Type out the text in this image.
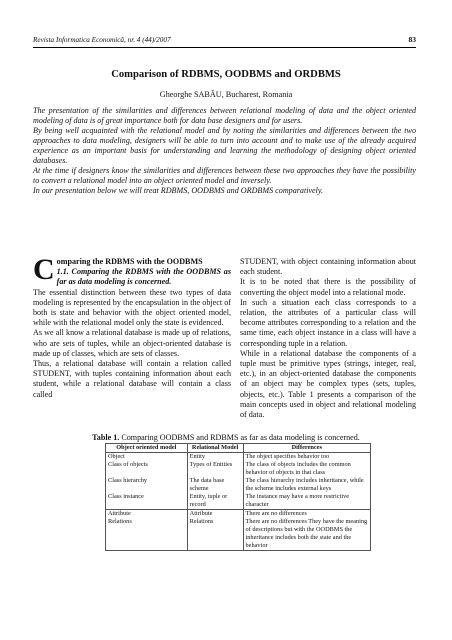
Revista Informatica Economică, nr. 4 (44)/2007	83
Comparison of RDBMS, OODBMS and ORDBMS
Gheorghe SABĂU, Bucharest, Romania

The presentation of the similarities and differences between relational modeling of data and the object oriented modeling of data is of great importance both for data base designers and for users.

By being well acquainted with the relational model and by noting the similarities and differences between the two approaches to data modeling, designers will be able to turn into account and to make use of the already acquired experience as an important basis for understanding and learning the methodology of designing object oriented databases.

At the time if designers know the similarities and differences between these two approaches they have the possibility to convert a relational model into an object oriented model and inversely.

In our presentation below we will treat RDBMS, OODBMS and ORDBMS comparatively.

Comparing the RDBMS with the OODBMS

1.1. Comparing the RDBMS with the OODBMS as far as data modeling is concerned.

The essential distinction between these two types of data modeling is represented by the encapsulation in the object of both is state and behavior with the object oriented model, while with the relational model only the state is evidenced.

As we all know a relational database is made up of relations, who are sets of tuples, while an object-oriented database is made up of classes, which are sets of classes.

Thus, a relational database will contain a relation called STUDENT, with tuples containing information about each student, while a relational database will contain a class called

STUDENT, with object containing information about each student.

It is to be noted that there is the possibility of converting the object model into a relational mode.

In such a situation each class corresponds to a relation, the attributes of a particular class will become attributes corresponding to a relation and the same time, each object instance in a class will have a corresponding tuple in a relation.

While in a relational database the components of a tuple must be primitive types (strings, integer, real, etc.), in an object-oriented database the components of an object may be complex types (sets, tuples, objects, etc.). Table 1 presents a comparison of the main concepts used in object and relational modeling of data.

Table 1. Comparing OODBMS and RDBMS as far as data modeling is concerned.
Object oriented model	Relational Model	Differences
Object	Entity	The object specifies behavior too
Class of objects	Types of Entities	The class of objects includes the common behavior of objects in that class
Class hierarchy	The data base scheme	The class hierarchy includes inheritance, while the scheme includes external keys
Class instance	Entity, tuple or record	The instance may have a more restrictive character
Attribute	Attribute	There are no differences
Relations	Relations	There are no differences They have the meaning of descriptions but with the OODBMS the inheritance includes both the state and the behavior
